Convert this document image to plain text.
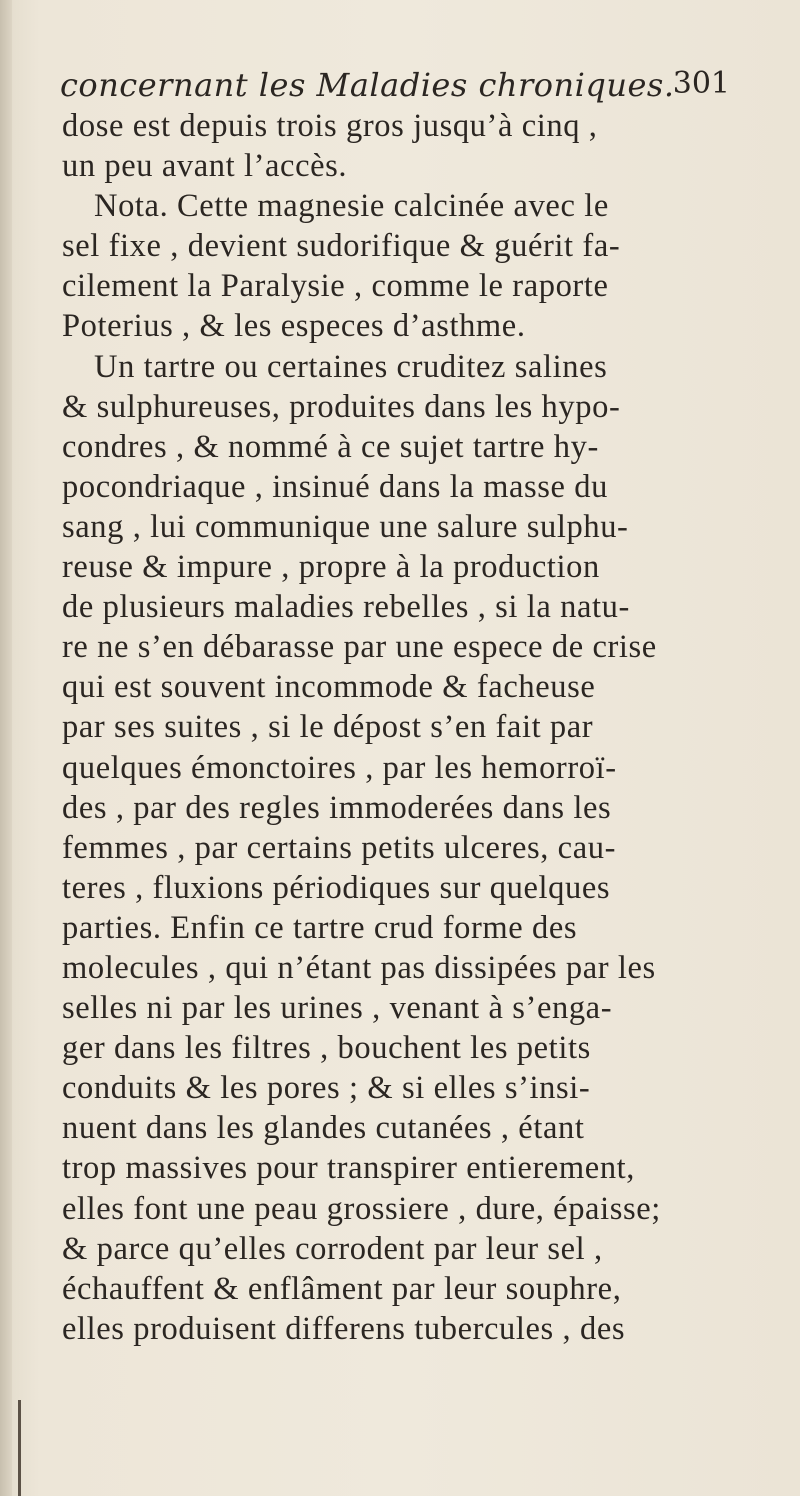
concernant les Maladies chroniques.
301
dose est depuis trois gros jusqu’à cinq ,
un peu avant l’accès.
Nota. Cette magnesie calcinée avec le
sel fixe , devient sudorifique & guérit fa-
cilement la Paralysie , comme le raporte
Poterius , & les especes d’asthme.
Un tartre ou certaines cruditez salines
& sulphureuses, produites dans les hypo-
condres , & nommé à ce sujet tartre hy-
pocondriaque , insinué dans la masse du
sang , lui communique une salure sulphu-
reuse & impure , propre à la production
de plusieurs maladies rebelles , si la natu-
re ne s’en débarasse par une espece de crise
qui est souvent incommode & facheuse
par ses suites , si le dépost s’en fait par
quelques émonctoires , par les hemorroï-
des , par des regles immoderées dans les
femmes , par certains petits ulceres, cau-
teres , fluxions périodiques sur quelques
parties. Enfin ce tartre crud forme des
molecules , qui n’étant pas dissipées par les
selles ni par les urines , venant à s’enga-
ger dans les filtres , bouchent les petits
conduits & les pores ; & si elles s’insi-
nuent dans les glandes cutanées , étant
trop massives pour transpirer entierement,
elles font une peau grossiere , dure, épaisse;
& parce qu’elles corrodent par leur sel ,
échauffent & enflâment par leur souphre,
elles produisent differens tubercules , des
